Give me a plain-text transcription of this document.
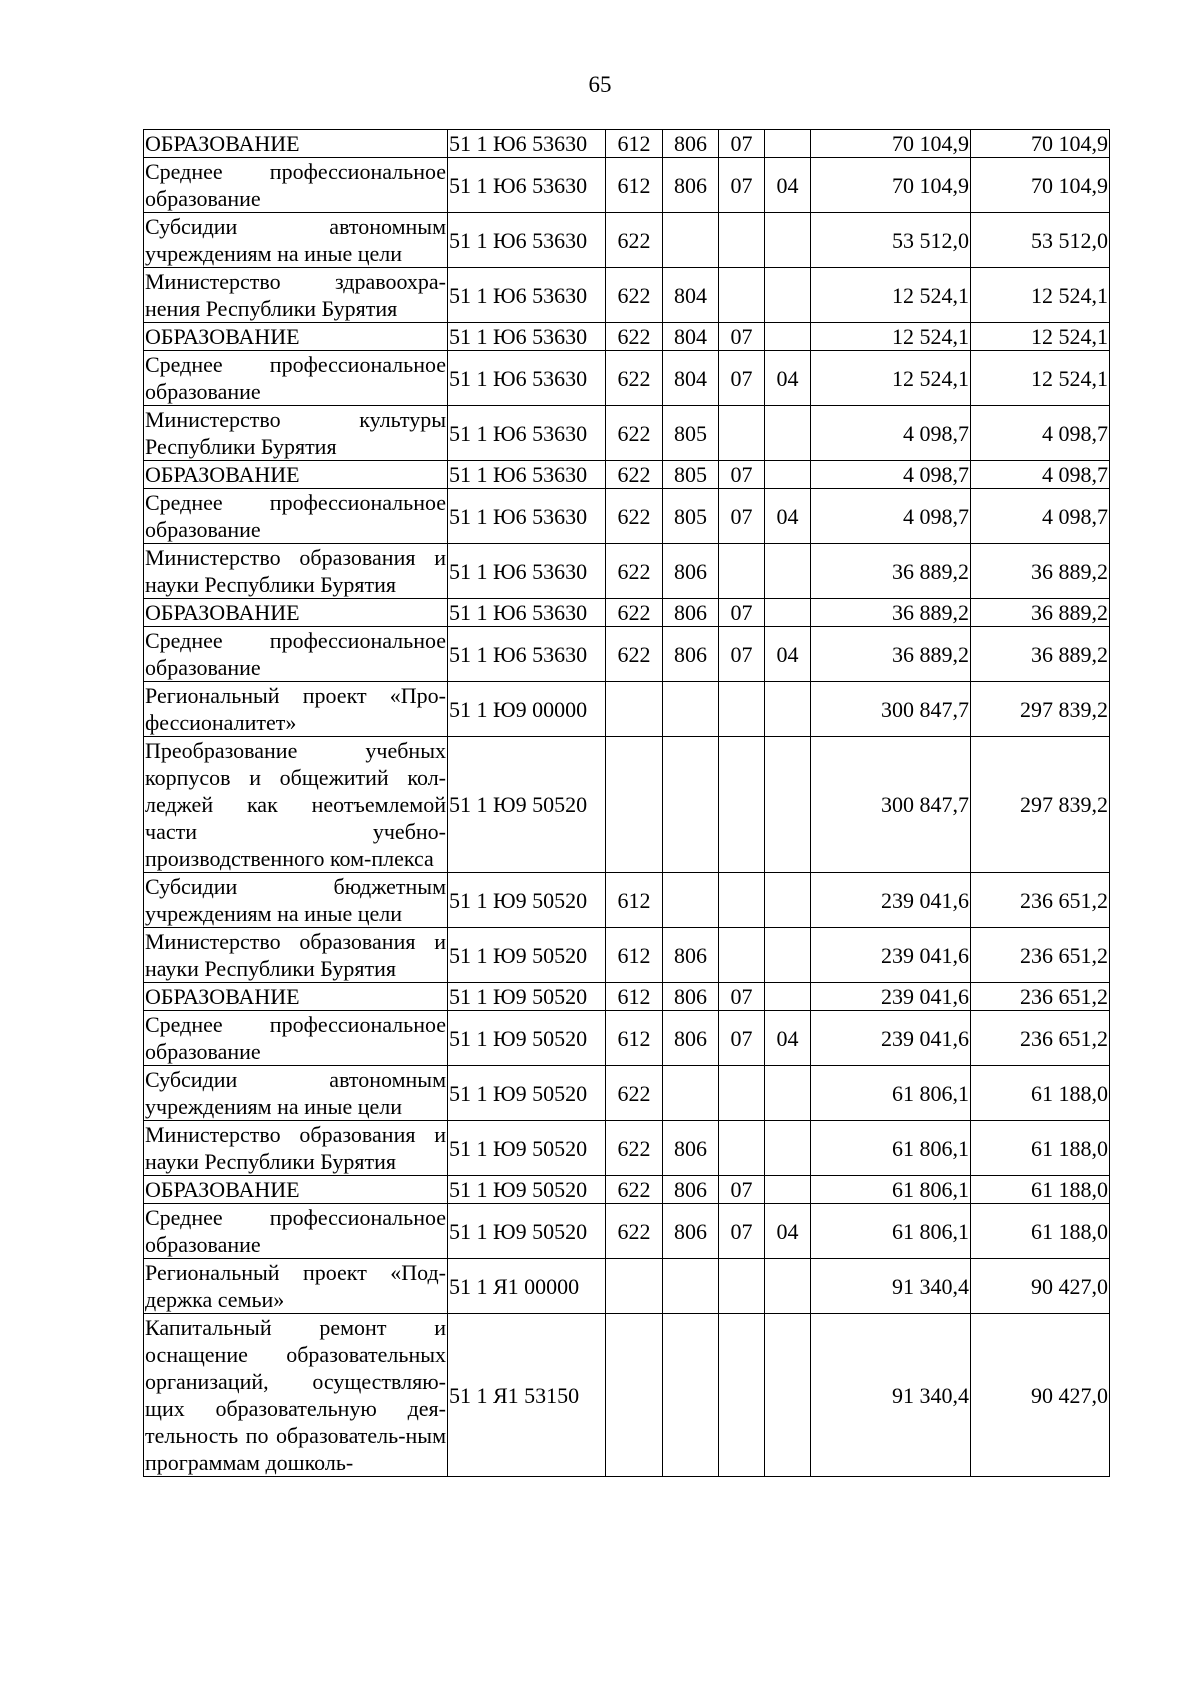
65
ОБРАЗОВАНИЕ	51 1 Ю6 53630	612	806	07		70 104,9	70 104,9
Среднее профессиональное образование	51 1 Ю6 53630	612	806	07	04	70 104,9	70 104,9
Субсидии автономным учреждениям на иные цели	51 1 Ю6 53630	622				53 512,0	53 512,0
Министерство здравоохра-нения Республики Бурятия	51 1 Ю6 53630	622	804			12 524,1	12 524,1
ОБРАЗОВАНИЕ	51 1 Ю6 53630	622	804	07		12 524,1	12 524,1
Среднее профессиональное образование	51 1 Ю6 53630	622	804	07	04	12 524,1	12 524,1
Министерство культуры Республики Бурятия	51 1 Ю6 53630	622	805			4 098,7	4 098,7
ОБРАЗОВАНИЕ	51 1 Ю6 53630	622	805	07		4 098,7	4 098,7
Среднее профессиональное образование	51 1 Ю6 53630	622	805	07	04	4 098,7	4 098,7
Министерство образования и науки Республики Бурятия	51 1 Ю6 53630	622	806			36 889,2	36 889,2
ОБРАЗОВАНИЕ	51 1 Ю6 53630	622	806	07		36 889,2	36 889,2
Среднее профессиональное образование	51 1 Ю6 53630	622	806	07	04	36 889,2	36 889,2
Региональный проект «Про-фессионалитет»	51 1 Ю9 00000					300 847,7	297 839,2
Преобразование учебных корпусов и общежитий кол-леджей как неотъемлемой части учебно-производственного ком-плекса	51 1 Ю9 50520					300 847,7	297 839,2
Субсидии бюджетным учреждениям на иные цели	51 1 Ю9 50520	612				239 041,6	236 651,2
Министерство образования и науки Республики Бурятия	51 1 Ю9 50520	612	806			239 041,6	236 651,2
ОБРАЗОВАНИЕ	51 1 Ю9 50520	612	806	07		239 041,6	236 651,2
Среднее профессиональное образование	51 1 Ю9 50520	612	806	07	04	239 041,6	236 651,2
Субсидии автономным учреждениям на иные цели	51 1 Ю9 50520	622				61 806,1	61 188,0
Министерство образования и науки Республики Бурятия	51 1 Ю9 50520	622	806			61 806,1	61 188,0
ОБРАЗОВАНИЕ	51 1 Ю9 50520	622	806	07		61 806,1	61 188,0
Среднее профессиональное образование	51 1 Ю9 50520	622	806	07	04	61 806,1	61 188,0
Региональный проект «Под-держка семьи»	51 1 Я1 00000					91 340,4	90 427,0
Капитальный ремонт и оснащение образовательных организаций, осуществляю-щих образовательную дея-тельность по образователь-ным программам дошколь-	51 1 Я1 53150					91 340,4	90 427,0
